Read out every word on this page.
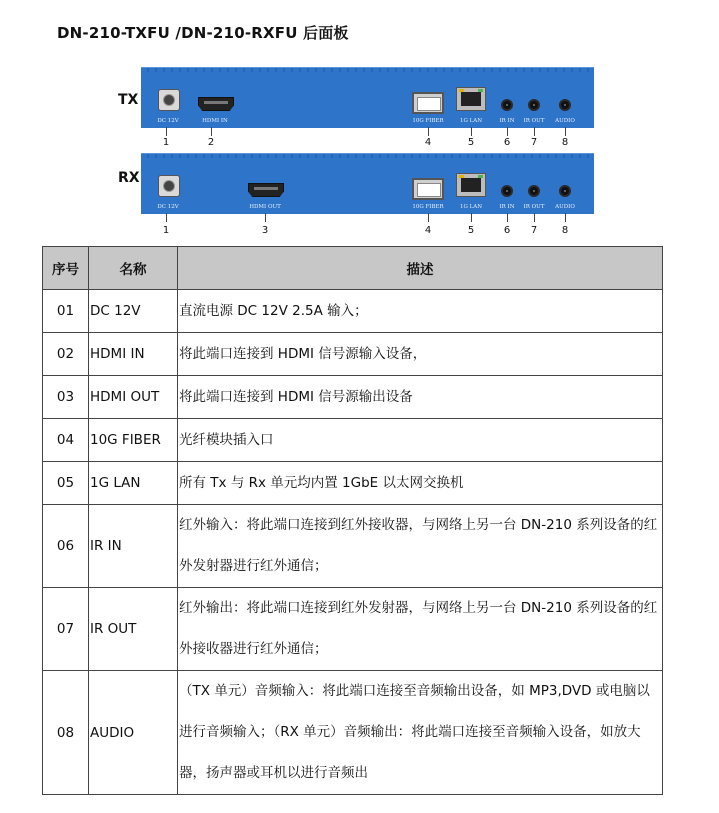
DN-210-TXFU /DN-210-RXFU 后面板
TX
DC 12V	HDMI IN	10G FIBER	1G LAN	IR IN IR OUT AUDIO
1	2	4	5	6 7 8
RX
DC 12V	HDMI OUT	10G FIBER	1G LAN	IR IN IR OUT AUDIO
1	3	4	5	6 7 8
序号	名称	描述
01	DC 12V	直流电源 DC 12V 2.5A 输入；
02	HDMI IN	将此端口连接到 HDMI 信号源输入设备，
03	HDMI OUT	将此端口连接到 HDMI 信号源输出设备
04	10G FIBER	光纤模块插入口
05	1G LAN	所有 Tx 与 Rx 单元均内置 1GbE 以太网交换机
06	IR IN	红外输入：将此端口连接到红外接收器，与网络上另一台 DN-210 系列设备的红外发射器进行红外通信；
07	IR OUT	红外输出：将此端口连接到红外发射器，与网络上另一台 DN-210 系列设备的红外接收器进行红外通信；
08	AUDIO	（TX 单元）音频输入：将此端口连接至音频输出设备，如 MP3,DVD 或电脑以进行音频输入；（RX 单元）音频输出：将此端口连接至音频输入设备，如放大器，扬声器或耳机以进行音频出
